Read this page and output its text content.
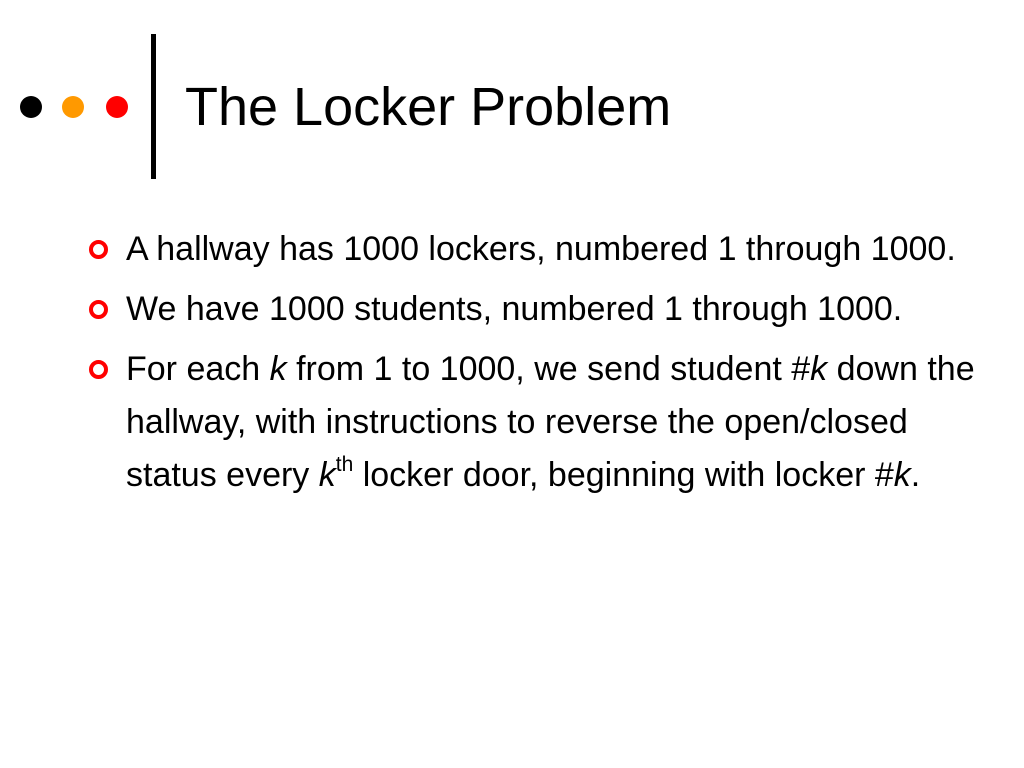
The Locker Problem
A hallway has 1000 lockers, numbered 1 through 1000.
We have 1000 students, numbered 1 through 1000.
For each k from 1 to 1000, we send student #k down the hallway, with instructions to reverse the open/closed status every $k^{th}$ locker door, beginning with locker #k.
